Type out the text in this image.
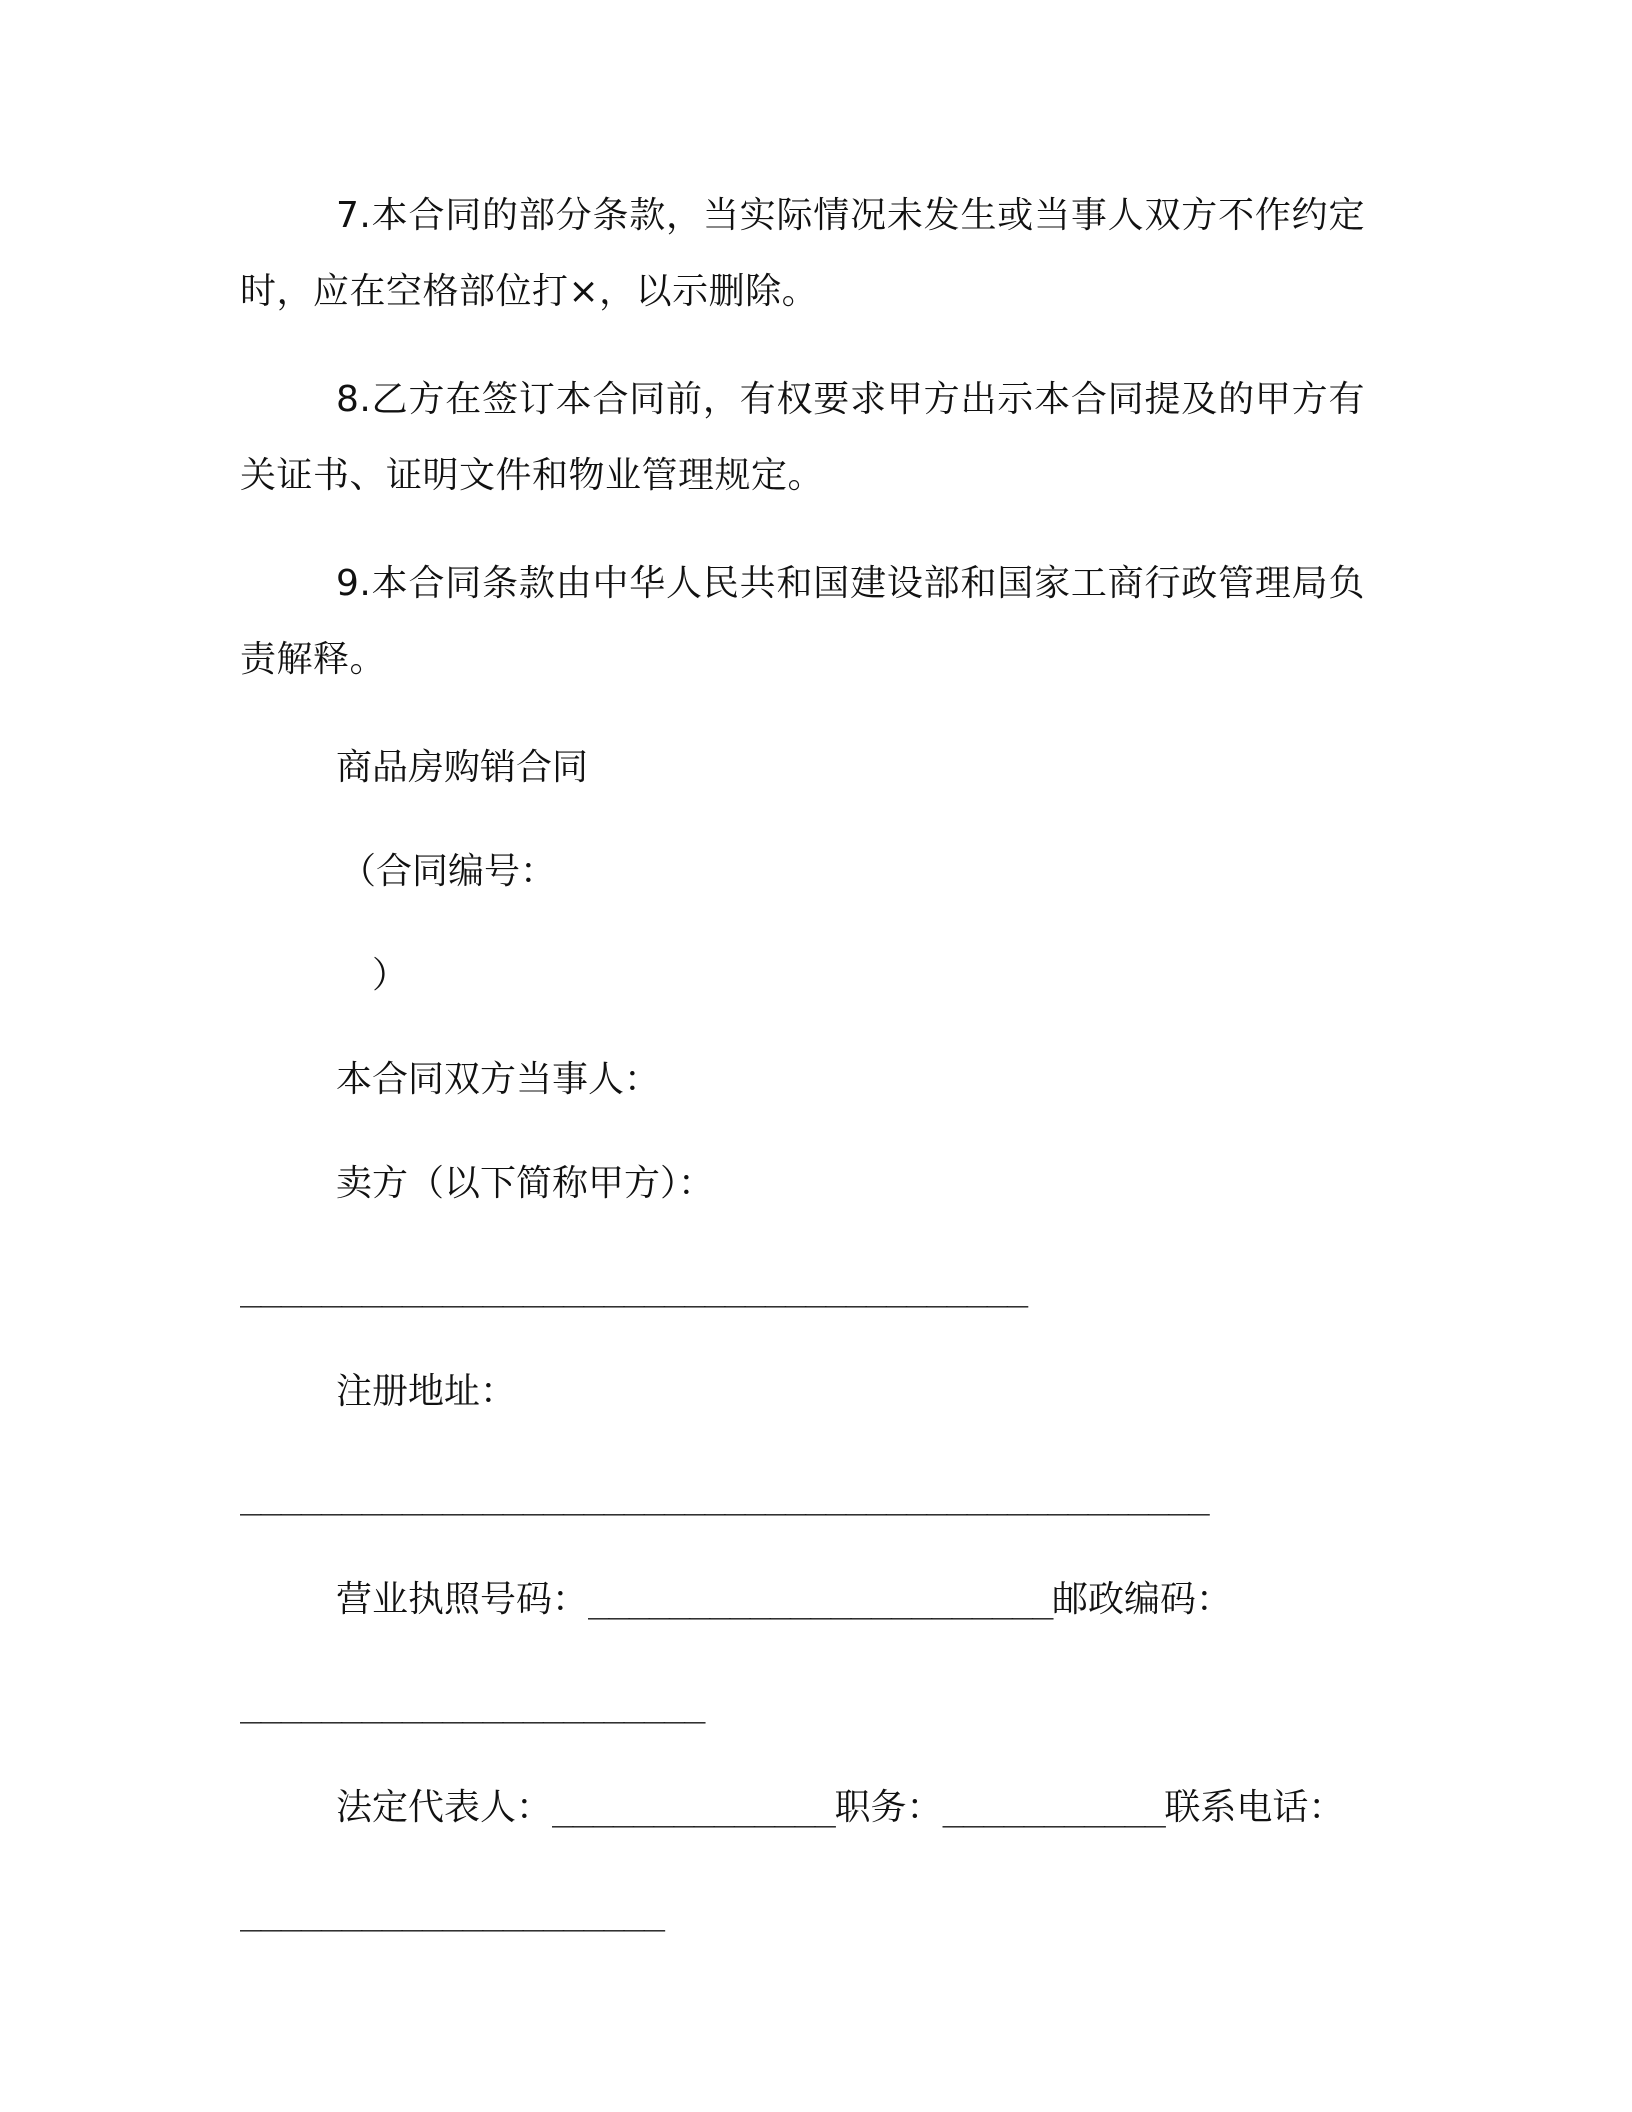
7.本合同的部分条款，当实际情况未发生或当事人双方不作约定时，应在空格部位打×，以示删除。

8.乙方在签订本合同前，有权要求甲方出示本合同提及的甲方有关证书、证明文件和物业管理规定。

9.本合同条款由中华人民共和国建设部和国家工商行政管理局负责解释。

商品房购销合同
（合同编号：
）
本合同双方当事人：
卖方（以下简称甲方）：
_______________________________________
注册地址：
________________________________________________
营业执照号码：_______________________邮政编码：
_______________________
法定代表人：______________职务：___________联系电话：
_____________________
